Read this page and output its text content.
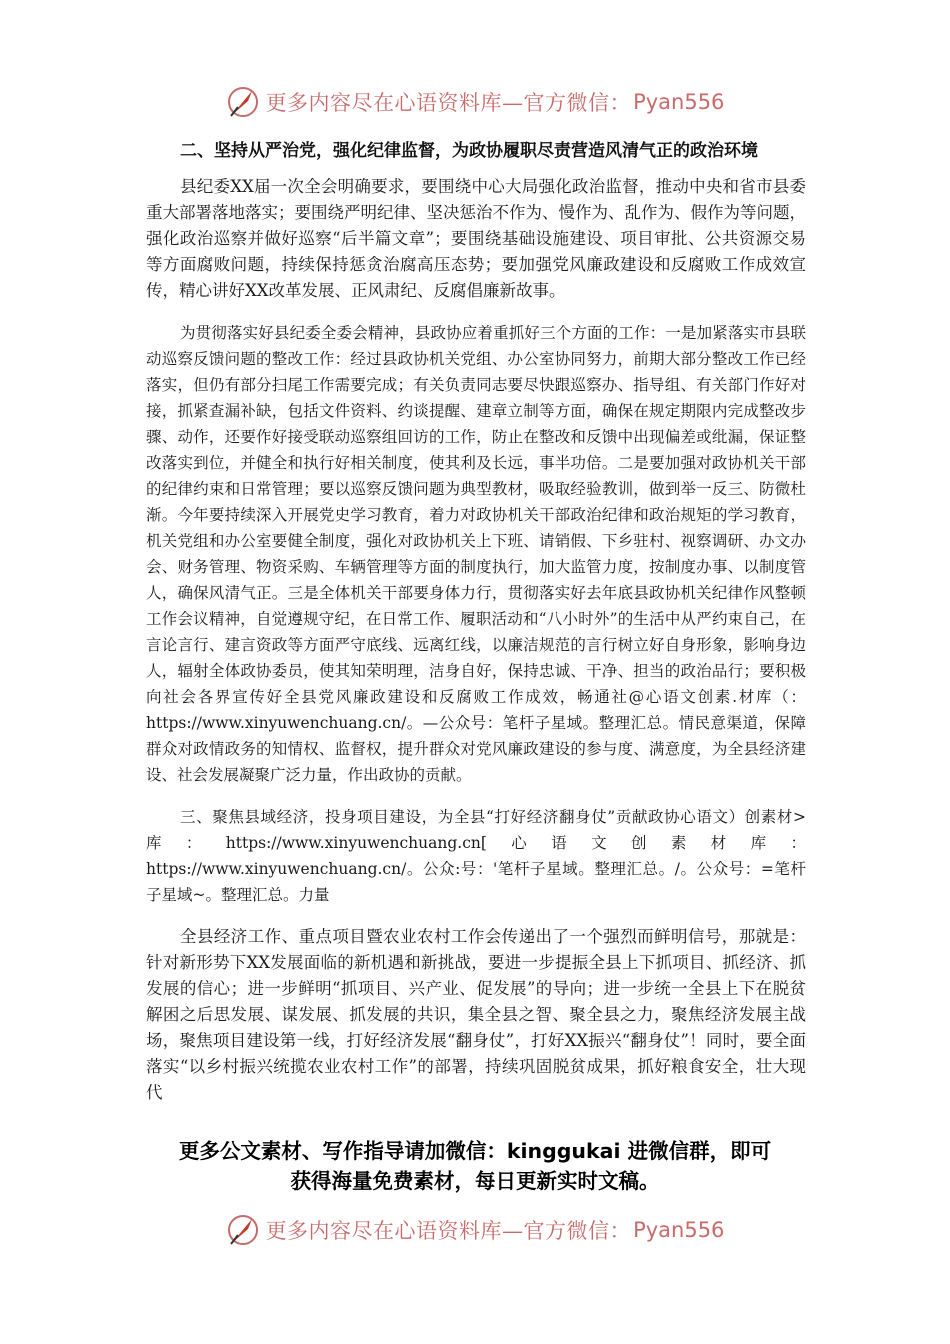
更多内容尽在心语资料库—官方微信： Pyan556
二、坚持从严治党，强化纪律监督，为政协履职尽责营造风清气正的政治环境

县纪委XX届一次全会明确要求，要围绕中心大局强化政治监督，推动中央和省市县委重大部署落地落实；要围绕严明纪律、坚决惩治不作为、慢作为、乱作为、假作为等问题，强化政治巡察并做好巡察“后半篇文章”；要围绕基础设施建设、项目审批、公共资源交易等方面腐败问题，持续保持惩贪治腐高压态势；要加强党风廉政建设和反腐败工作成效宣传，精心讲好XX改革发展、正风肃纪、反腐倡廉新故事。

为贯彻落实好县纪委全委会精神，县政协应着重抓好三个方面的工作：一是加紧落实市县联动巡察反馈问题的整改工作：经过县政协机关党组、办公室协同努力，前期大部分整改工作已经落实，但仍有部分扫尾工作需要完成；有关负责同志要尽快跟巡察办、指导组、有关部门作好对接，抓紧查漏补缺，包括文件资料、约谈提醒、建章立制等方面，确保在规定期限内完成整改步骤、动作，还要作好接受联动巡察组回访的工作，防止在整改和反馈中出现偏差或纰漏，保证整改落实到位，并健全和执行好相关制度，使其利及长远，事半功倍。二是要加强对政协机关干部的纪律约束和日常管理；要以巡察反馈问题为典型教材，吸取经验教训，做到举一反三、防微杜渐。今年要持续深入开展党史学习教育，着力对政协机关干部政治纪律和政治规矩的学习教育，机关党组和办公室要健全制度，强化对政协机关上下班、请销假、下乡驻村、视察调研、办文办会、财务管理、物资采购、车辆管理等方面的制度执行，加大监管力度，按制度办事、以制度管人，确保风清气正。三是全体机关干部要身体力行，贯彻落实好去年底县政协机关纪律作风整顿工作会议精神，自觉遵规守纪，在日常工作、履职活动和“八小时外”的生活中从严约束自己，在言论言行、建言资政等方面严守底线、远离红线，以廉洁规范的言行树立好自身形象，影响身边人，辐射全体政协委员，使其知荣明理，洁身自好，保持忠诚、干净、担当的政治品行；要积极向社会各界宣传好全县党风廉政建设和反腐败工作成效，畅通社@心语文创素.材库（：https://www.xinyuwenchuang.cn/。—公众号：笔杆子星域。整理汇总。情民意渠道，保障群众对政情政务的知情权、监督权，提升群众对党风廉政建设的参与度、满意度，为全县经济建设、社会发展凝聚广泛力量，作出政协的贡献。

三、聚焦县域经济，投身项目建设，为全县“打好经济翻身仗”贡献政协心语文）创素材>库：https://www.xinyuwenchuang.cn[心语文创素材库：https://www.xinyuwenchuang.cn/。公众:号：'笔杆子星域。整理汇总。/。公众号：=笔杆子星域~。整理汇总。力量

全县经济工作、重点项目暨农业农村工作会传递出了一个强烈而鲜明信号，那就是：针对新形势下XX发展面临的新机遇和新挑战，要进一步提振全县上下抓项目、抓经济、抓发展的信心；进一步鲜明“抓项目、兴产业、促发展”的导向；进一步统一全县上下在脱贫解困之后思发展、谋发展、抓发展的共识，集全县之智、聚全县之力，聚焦经济发展主战场，聚焦项目建设第一线，打好经济发展“翻身仗”，打好XX振兴“翻身仗”！同时，要全面落实“以乡村振兴统揽农业农村工作”的部署，持续巩固脱贫成果，抓好粮食安全，壮大现代

更多公文素材、写作指导请加微信：kinggukai 进微信群，即可
获得海量免费素材，每日更新实时文稿。
更多内容尽在心语资料库—官方微信： Pyan556
